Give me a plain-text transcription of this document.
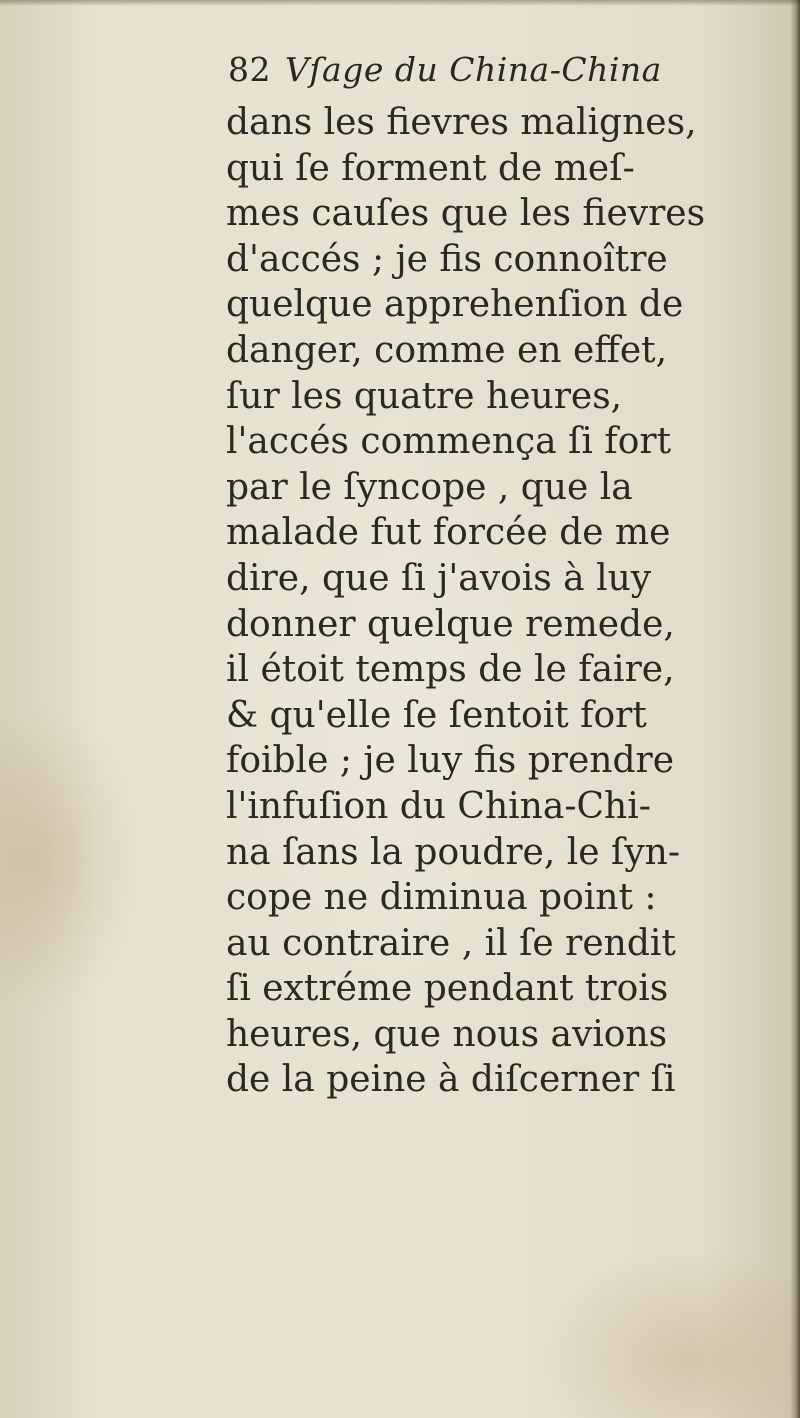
82 Vſage du China-China
dans les fievres malignes,
qui ſe forment de meſ-
mes cauſes que les fievres
d'accés ; je fis connoître
quelque apprehenſion de
danger, comme en effet,
ſur les quatre heures,
l'accés commença ſi fort
par le ſyncope , que la
malade fut forcée de me
dire, que ſi j'avois à luy
donner quelque remede,
il étoit temps de le faire,
& qu'elle ſe ſentoit fort
foible ; je luy fis prendre
l'infuſion du China-Chi-
na ſans la poudre, le ſyn-
cope ne diminua point :
au contraire , il ſe rendit
ſi extréme pendant trois
heures, que nous avions
de la peine à diſcerner ſi
